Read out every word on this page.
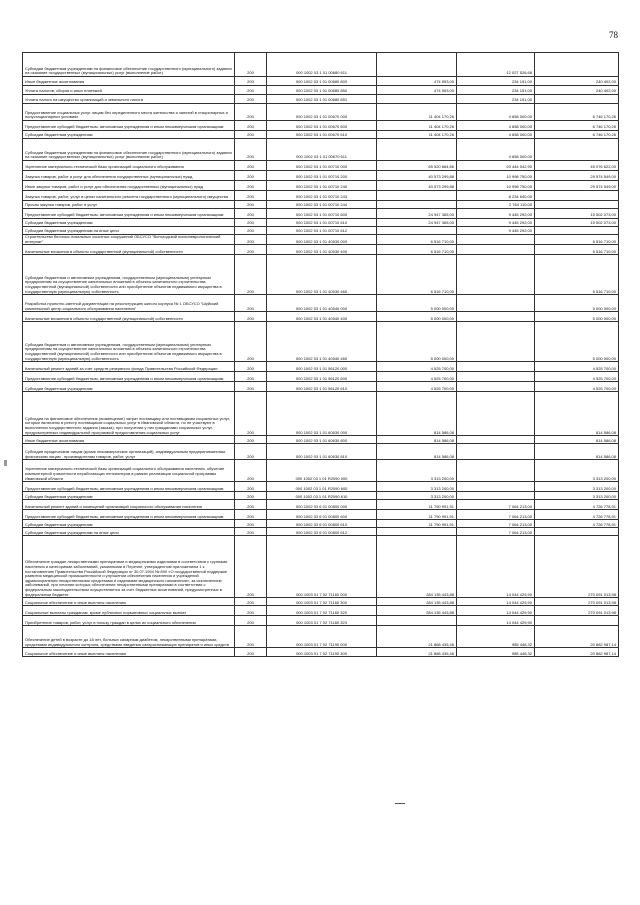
78
Субсидии бюджетным учреждениям на финансовое обеспечение государственного (муниципального) задания на оказание государственных (муниципальных) услуг (выполнение работ)	200	000 1002 03 1 01 00680 611		12 027 526,68	
Иные бюджетные ассигнования	200	000 1002 03 1 01 00680 800	474 553,00	234 151,00	240 402,00
Уплата налогов, сборов и иных платежей	200	000 1002 03 1 01 00680 850	474 553,00	234 151,00	240 402,00
Уплата налога на имущество организаций и земельного налога	200	000 1002 03 1 01 00680 851		234 151,00	
Предоставление социальных услуг лицам без определенного места жительства и занятий в стационарных и полустационарных условиях	200	000 1002 03 1 01 00670 000	11 404 170,26	4 658 000,00	6 746 170,26
Предоставление субсидий бюджетным, автономным учреждениям и иным некоммерческим организациям	200	000 1002 03 1 01 00670 600	11 404 170,26	4 658 000,00	6 746 170,26
Субсидии бюджетным учреждениям	200	000 1002 03 1 01 00670 610	11 404 170,26	4 658 000,00	6 746 170,26
Субсидии бюджетным учреждениям на финансовое обеспечение государственного (муниципального) задания на оказание государственных (муниципальных) услуг (выполнение работ)	200	000 1002 03 1 01 00670 611		4 658 000,00	
Укрепление материально-технической базы организаций социального обслуживания	200	000 1002 03 1 01 00710 000	65 520 664,66	20 444 042,90	45 076 622,00
Закупка товаров, работ и услуг для обеспечения государственных (муниципальных) нужд	200	000 1002 03 1 01 00710 200	40 573 299,88	10 998 750,00	29 574 549,00
Иные закупки товаров, работ и услуг для обеспечения государственных (муниципальных) нужд	200	000 1002 03 1 01 00710 240	40 573 299,88	10 998 750,00	29 574 549,00
Закупка товаров, работ, услуг в целях капитального ремонта государственного (муниципального) имущества	200	000 1002 03 1 01 00710 243		8 234 640,00	
Прочая закупка товаров, работ и услуг	200	000 1002 03 1 01 00710 244		2 764 110,00	
Предоставление субсидий бюджетным, автономным учреждениям и иным некоммерческим организациям	200	000 1002 03 1 01 00710 600	24 947 365,00	9 445 292,00	15 502 073,00
Субсидии бюджетным учреждениям	200	000 1002 03 1 01 00710 610	24 947 365,00	9 445 292,00	15 502 073,00
Субсидии бюджетным учреждениям на иные цели	200	000 1002 03 1 01 00710 612		9 445 292,00	
Строительство блочных локальных очистных сооружений ОБСУСО "Вологодский психоневрологический интернат"	200	000 1002 03 1 01 40530 000	6 516 710,00		6 516 710,00
Капитальные вложения в объекты государственной (муниципальной) собственности	200	000 1002 03 1 01 40530 400	6 516 710,00		6 516 710,00
Субсидии бюджетным и автономным учреждениям, государственным (муниципальным) унитарным предприятиям на осуществление капитальных вложений в объекты капитального строительства государственной (муниципальной) собственности или приобретение объектов недвижимого имущества в государственную (муниципальную) собственность	200	000 1002 03 1 01 40530 460	6 516 710,00		6 516 710,00
Разработка проектно-сметной документации на реконструкцию жилого корпуса № 1 ОБСУСО "Шуйский комплексный центр социального обслуживания населения"	200	000 1002 03 1 01 40540 000	5 000 000,00		5 000 000,00
Капитальные вложения в объекты государственной (муниципальной) собственности	200	000 1002 03 1 01 40540 400	5 000 000,00		5 000 000,00
Субсидии бюджетным и автономным учреждениям, государственным (муниципальным) унитарным предприятиям на осуществление капитальных вложений в объекты капитального строительства государственной (муниципальной) собственности или приобретение объектов недвижимого имущества в государственную (муниципальную) собственность	200	000 1002 03 1 01 40540 460	5 000 000,00		5 000 000,00
Капитальный ремонт зданий за счет средств резервного фонда Правительства Российской Федерации	200	000 1002 03 1 01 56120 000	4 525 700,00		4 525 700,00
Предоставление субсидий бюджетным, автономным учреждениям и иным некоммерческим организациям	200	000 1002 03 1 01 56120 600	4 525 700,00		4 525 700,00
Субсидии бюджетным учреждениям	200	000 1002 03 1 01 56120 610	4 525 700,00		4 525 700,00
Субсидии на финансовое обеспечение (возмещение) затрат поставщику или поставщикам социальных услуг, которые включены в реестр поставщиков социальных услуг в Ивановской области, но не участвуют в выполнении государственного задания (заказа), при получении у них гражданами социальных услуг, предусмотренных индивидуальной программой предоставления социальных услуг	200	000 1002 03 1 01 60630 000	814 586,08		814 586,08
Иные бюджетные ассигнования	200	000 1002 03 1 01 60630 800	814 586,08		814 586,08
Субсидии юридическим лицам (кроме некоммерческих организаций), индивидуальным предпринимателям, физическим лицам - производителям товаров, работ, услуг	200	000 1002 03 1 01 60630 810	814 586,08		814 586,08
Укрепление материально-технической базы организаций социального обслуживания населения, обучение компьютерной грамотности неработающих пенсионеров в рамках реализации социальной программы Ивановской области	200	000 1002 03 1 01 R2090 000	3 313 200,00		3 313 200,00
Предоставление субсидий бюджетным, автономным учреждениям и иным некоммерческим организациям	200	000 1002 03 1 01 R2090 600	3 313 200,00		3 313 200,00
Субсидии бюджетным учреждениям	200	000 1002 03 1 01 R2090 610	3 313 200,00		3 313 200,00
Капитальный ремонт зданий и помещений организаций социального обслуживания населения	200	000 1002 03 6 01 00800 000	11 790 991,91	7 064 213,00	4 726 778,91
Предоставление субсидий бюджетным, автономным учреждениям и иным некоммерческим организациям	200	000 1002 03 6 01 00800 600	11 790 991,91	7 064 213,00	4 726 778,91
Субсидии бюджетным учреждениям	200	000 1002 03 6 01 00800 610	11 790 991,91	7 064 213,00	4 726 778,91
Субсидии бюджетным учреждениям на иные цели	200	000 1002 03 6 01 00800 612		7 064 213,00	
Обеспечение граждан лекарственными препаратами и медицинскими изделиями в соответствии с группами населения и категориями заболеваний, указанными в Перечне, утвержденном приложением 1 к постановлению Правительства Российской Федерации от 30.07.1994 № 890 «О государственной поддержке развития медицинской промышленности и улучшении обеспечения населения и учреждений здравоохранения лекарственными средствами и изделиями медицинского назначения», за исключением заболеваний, при лечении которых обеспечение лекарственными препаратами в соответствии с федеральным законодательством осуществляется за счет бюджетных ассигнований, предусмотренных в федеральном бюджете	200	000 1003 01 7 02 71160 000	284 135 443,88	14 044 429,90	270 091 013,98
Социальное обеспечение и иные выплаты населению	200	000 1003 01 7 02 71160 300	284 135 443,88	14 044 429,90	270 091 013,98
Социальные выплаты гражданам, кроме публичных нормативных социальных выплат	200	000 1003 01 7 02 71160 320	284 135 443,88	14 044 429,90	270 091 013,98
Приобретение товаров, работ, услуг в пользу граждан в целях их социального обеспечения	200	000 1003 01 7 02 71160 323		14 044 429,90	
Обеспечение детей в возрасте до 18 лет, больных сахарным диабетом, лекарственными препаратами, средствами индивидуального контроля, средствами введения сахароснижающих препаратов и иных средств	200	000 1003 01 7 02 71190 000	21 868 435,46	985 448,32	20 882 987,14
Социальное обеспечение и иные выплаты населению	200	000 1003 01 7 02 71190 300	21 868 435,46	985 448,32	20 882 987,14
